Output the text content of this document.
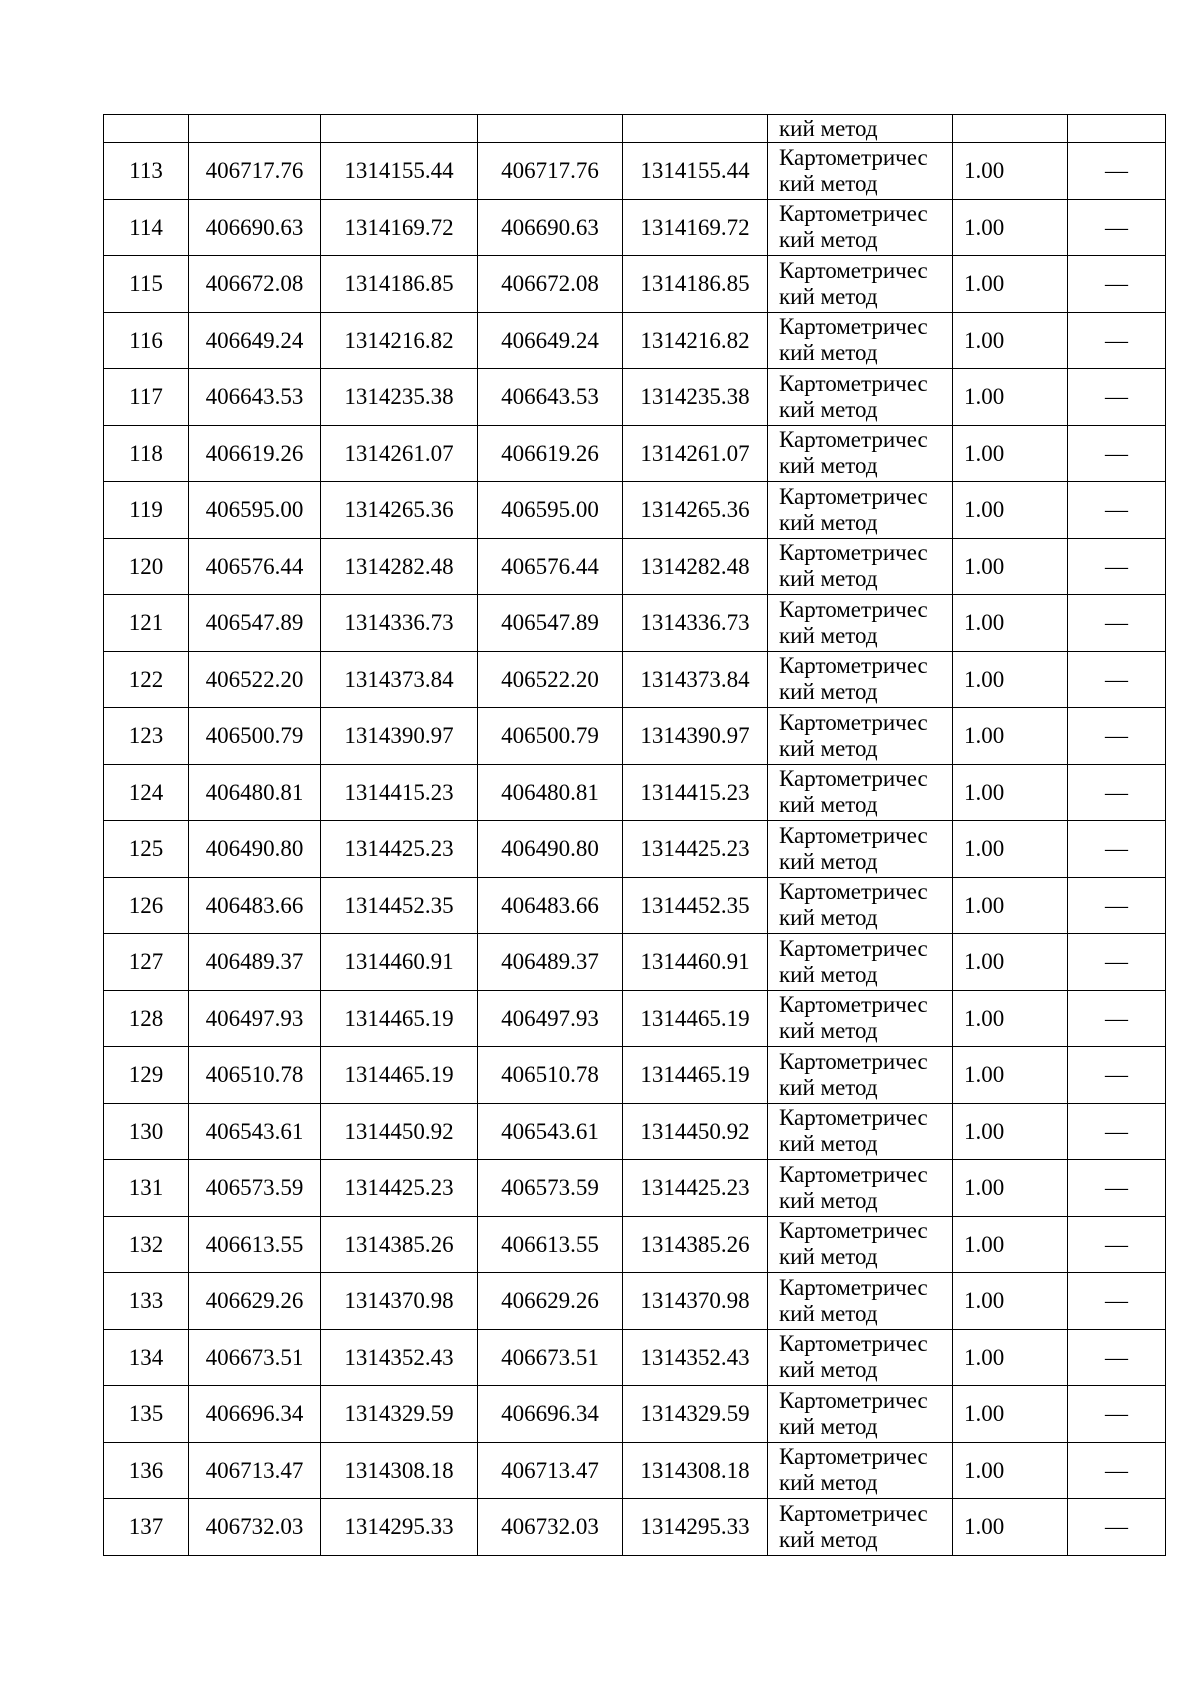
					кий метод		

113	406717.76	1314155.44	406717.76	1314155.44	Картометричес
кий метод	1.00	—
114	406690.63	1314169.72	406690.63	1314169.72	Картометричес
кий метод	1.00	—
115	406672.08	1314186.85	406672.08	1314186.85	Картометричес
кий метод	1.00	—
116	406649.24	1314216.82	406649.24	1314216.82	Картометричес
кий метод	1.00	—
117	406643.53	1314235.38	406643.53	1314235.38	Картометричес
кий метод	1.00	—
118	406619.26	1314261.07	406619.26	1314261.07	Картометричес
кий метод	1.00	—
119	406595.00	1314265.36	406595.00	1314265.36	Картометричес
кий метод	1.00	—
120	406576.44	1314282.48	406576.44	1314282.48	Картометричес
кий метод	1.00	—
121	406547.89	1314336.73	406547.89	1314336.73	Картометричес
кий метод	1.00	—
122	406522.20	1314373.84	406522.20	1314373.84	Картометричес
кий метод	1.00	—
123	406500.79	1314390.97	406500.79	1314390.97	Картометричес
кий метод	1.00	—
124	406480.81	1314415.23	406480.81	1314415.23	Картометричес
кий метод	1.00	—
125	406490.80	1314425.23	406490.80	1314425.23	Картометричес
кий метод	1.00	—
126	406483.66	1314452.35	406483.66	1314452.35	Картометричес
кий метод	1.00	—
127	406489.37	1314460.91	406489.37	1314460.91	Картометричес
кий метод	1.00	—
128	406497.93	1314465.19	406497.93	1314465.19	Картометричес
кий метод	1.00	—
129	406510.78	1314465.19	406510.78	1314465.19	Картометричес
кий метод	1.00	—
130	406543.61	1314450.92	406543.61	1314450.92	Картометричес
кий метод	1.00	—
131	406573.59	1314425.23	406573.59	1314425.23	Картометричес
кий метод	1.00	—
132	406613.55	1314385.26	406613.55	1314385.26	Картометричес
кий метод	1.00	—
133	406629.26	1314370.98	406629.26	1314370.98	Картометричес
кий метод	1.00	—
134	406673.51	1314352.43	406673.51	1314352.43	Картометричес
кий метод	1.00	—
135	406696.34	1314329.59	406696.34	1314329.59	Картометричес
кий метод	1.00	—
136	406713.47	1314308.18	406713.47	1314308.18	Картометричес
кий метод	1.00	—
137	406732.03	1314295.33	406732.03	1314295.33	Картометричес
кий метод	1.00	—
